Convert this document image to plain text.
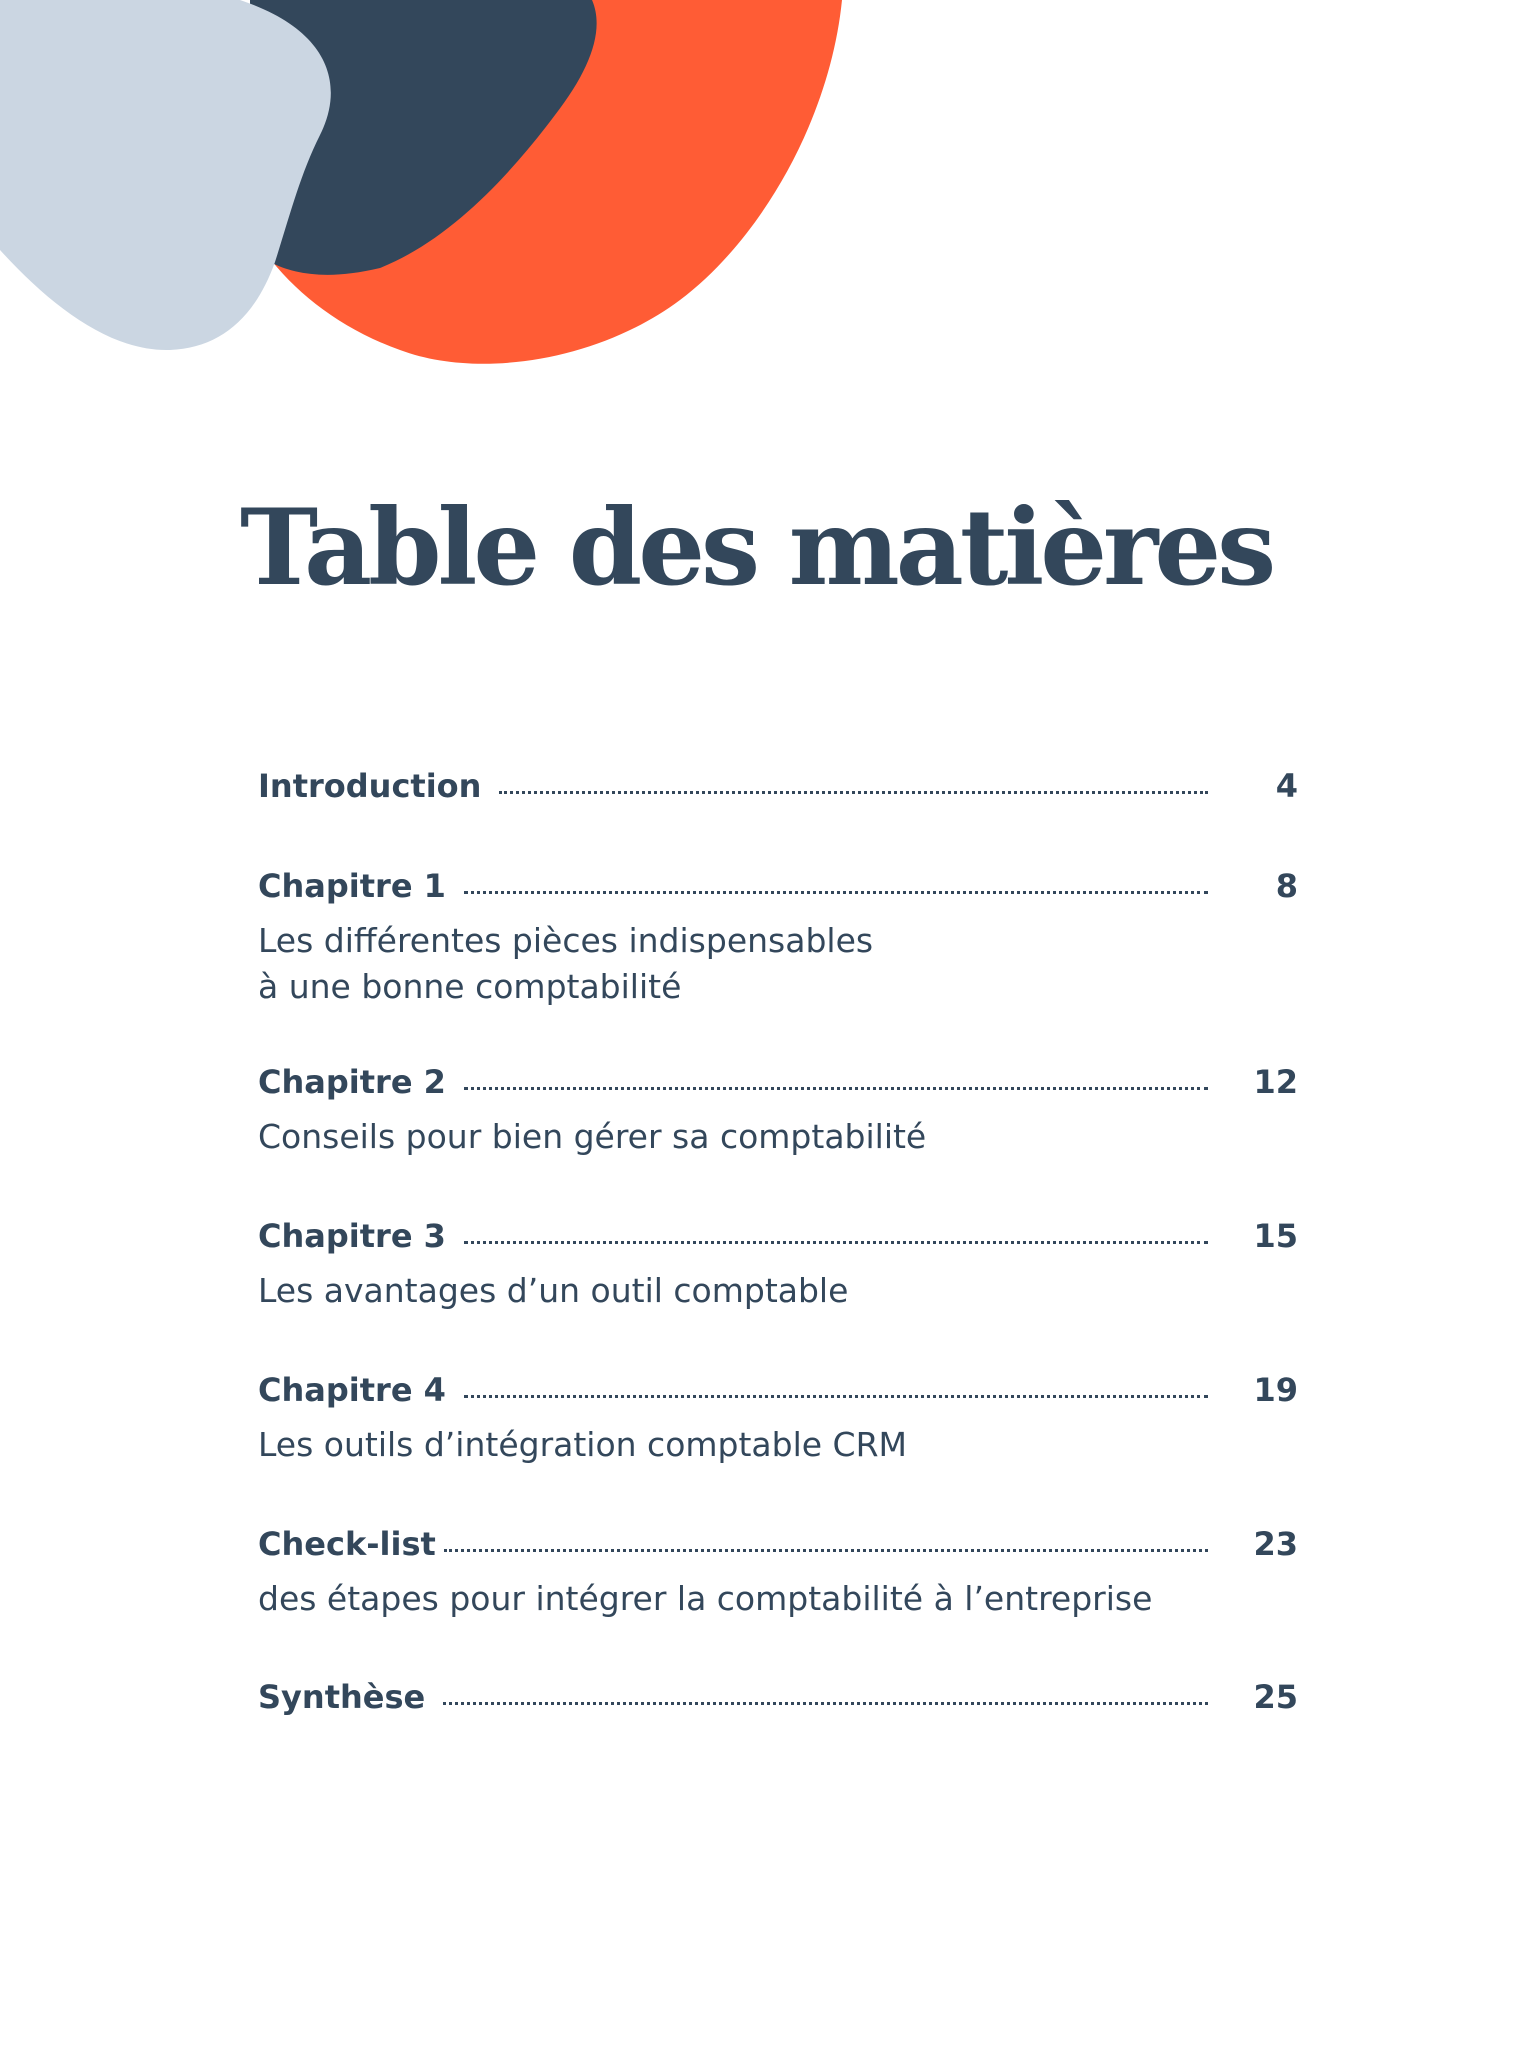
Table des matières
Introduction	4
Chapitre 1	8
Les différentes pièces indispensables
à une bonne comptabilité
Chapitre 2	12
Conseils pour bien gérer sa comptabilité
Chapitre 3	15
Les avantages d’un outil comptable
Chapitre 4	19
Les outils d’intégration comptable CRM
Check-list	23
des étapes pour intégrer la comptabilité à l’entreprise
Synthèse	25
